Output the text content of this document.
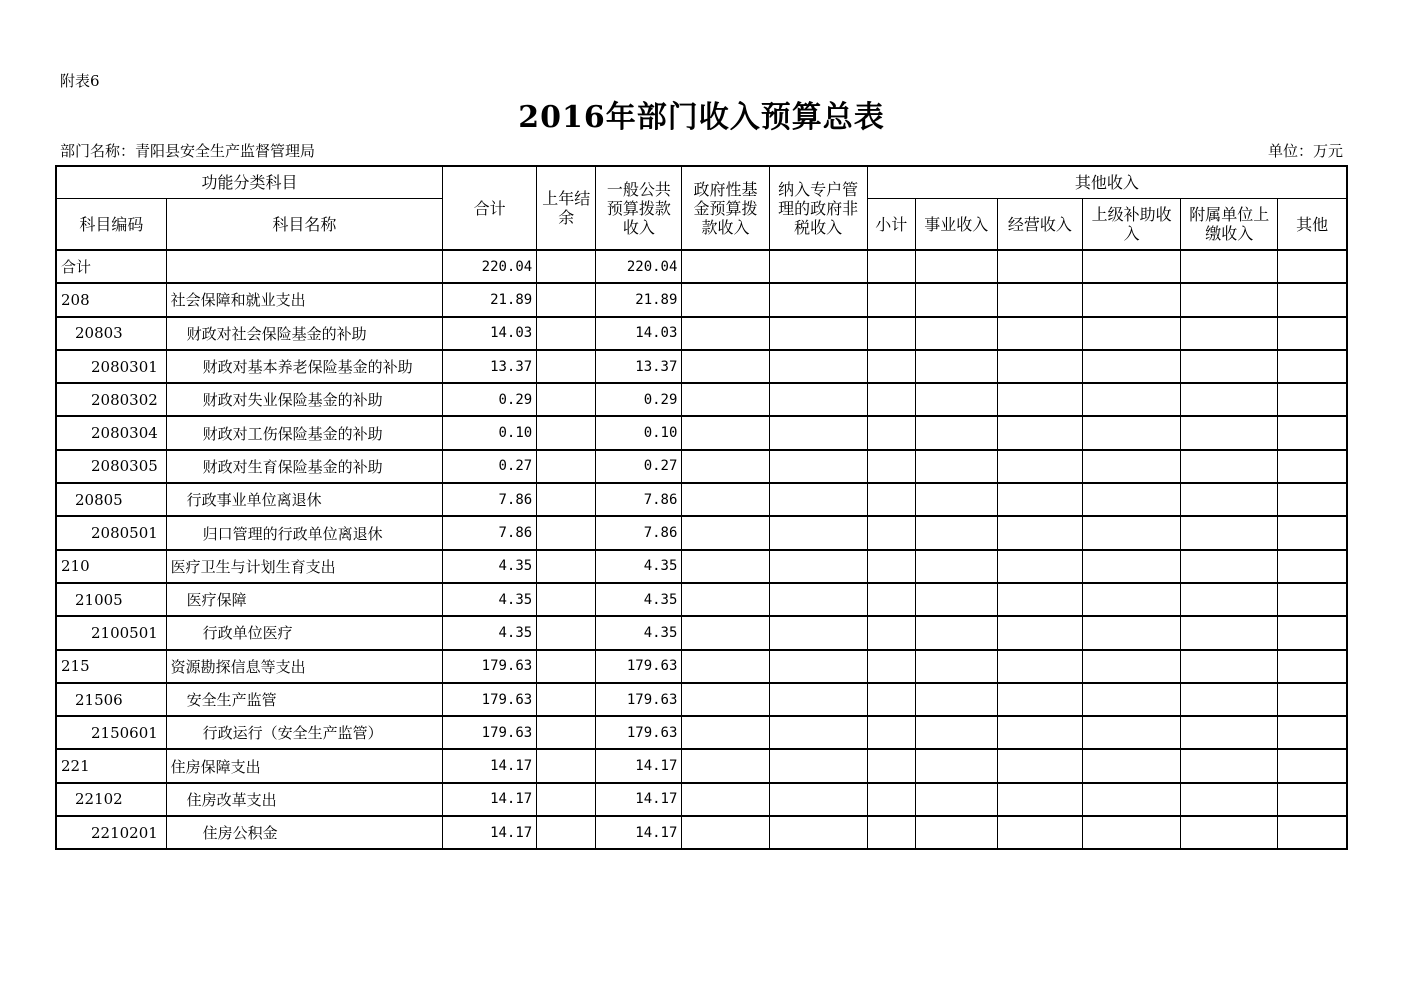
附表6
2016年部门收入预算总表
部门名称：青阳县安全生产监督管理局	单位：万元
功能分类科目		合计	上年结余	一般公共预算拨款收入	政府性基金预算拨款收入	纳入专户管理的政府非税收入	其他收入					
科目编码	科目名称						小计	事业收入	经营收入	上级补助收入	附属单位上缴收入	其他
合计		220.04		220.04								
208	社会保障和就业支出	21.89		21.89								
20803	财政对社会保险基金的补助	14.03		14.03								
2080301	财政对基本养老保险基金的补助	13.37		13.37								
2080302	财政对失业保险基金的补助	0.29		0.29								
2080304	财政对工伤保险基金的补助	0.10		0.10								
2080305	财政对生育保险基金的补助	0.27		0.27								
20805	行政事业单位离退休	7.86		7.86								
2080501	归口管理的行政单位离退休	7.86		7.86								
210	医疗卫生与计划生育支出	4.35		4.35								
21005	医疗保障	4.35		4.35								
2100501	行政单位医疗	4.35		4.35								
215	资源勘探信息等支出	179.63		179.63								
21506	安全生产监管	179.63		179.63								
2150601	行政运行（安全生产监管）	179.63		179.63								
221	住房保障支出	14.17		14.17								
22102	住房改革支出	14.17		14.17								
2210201	住房公积金	14.17		14.17								
